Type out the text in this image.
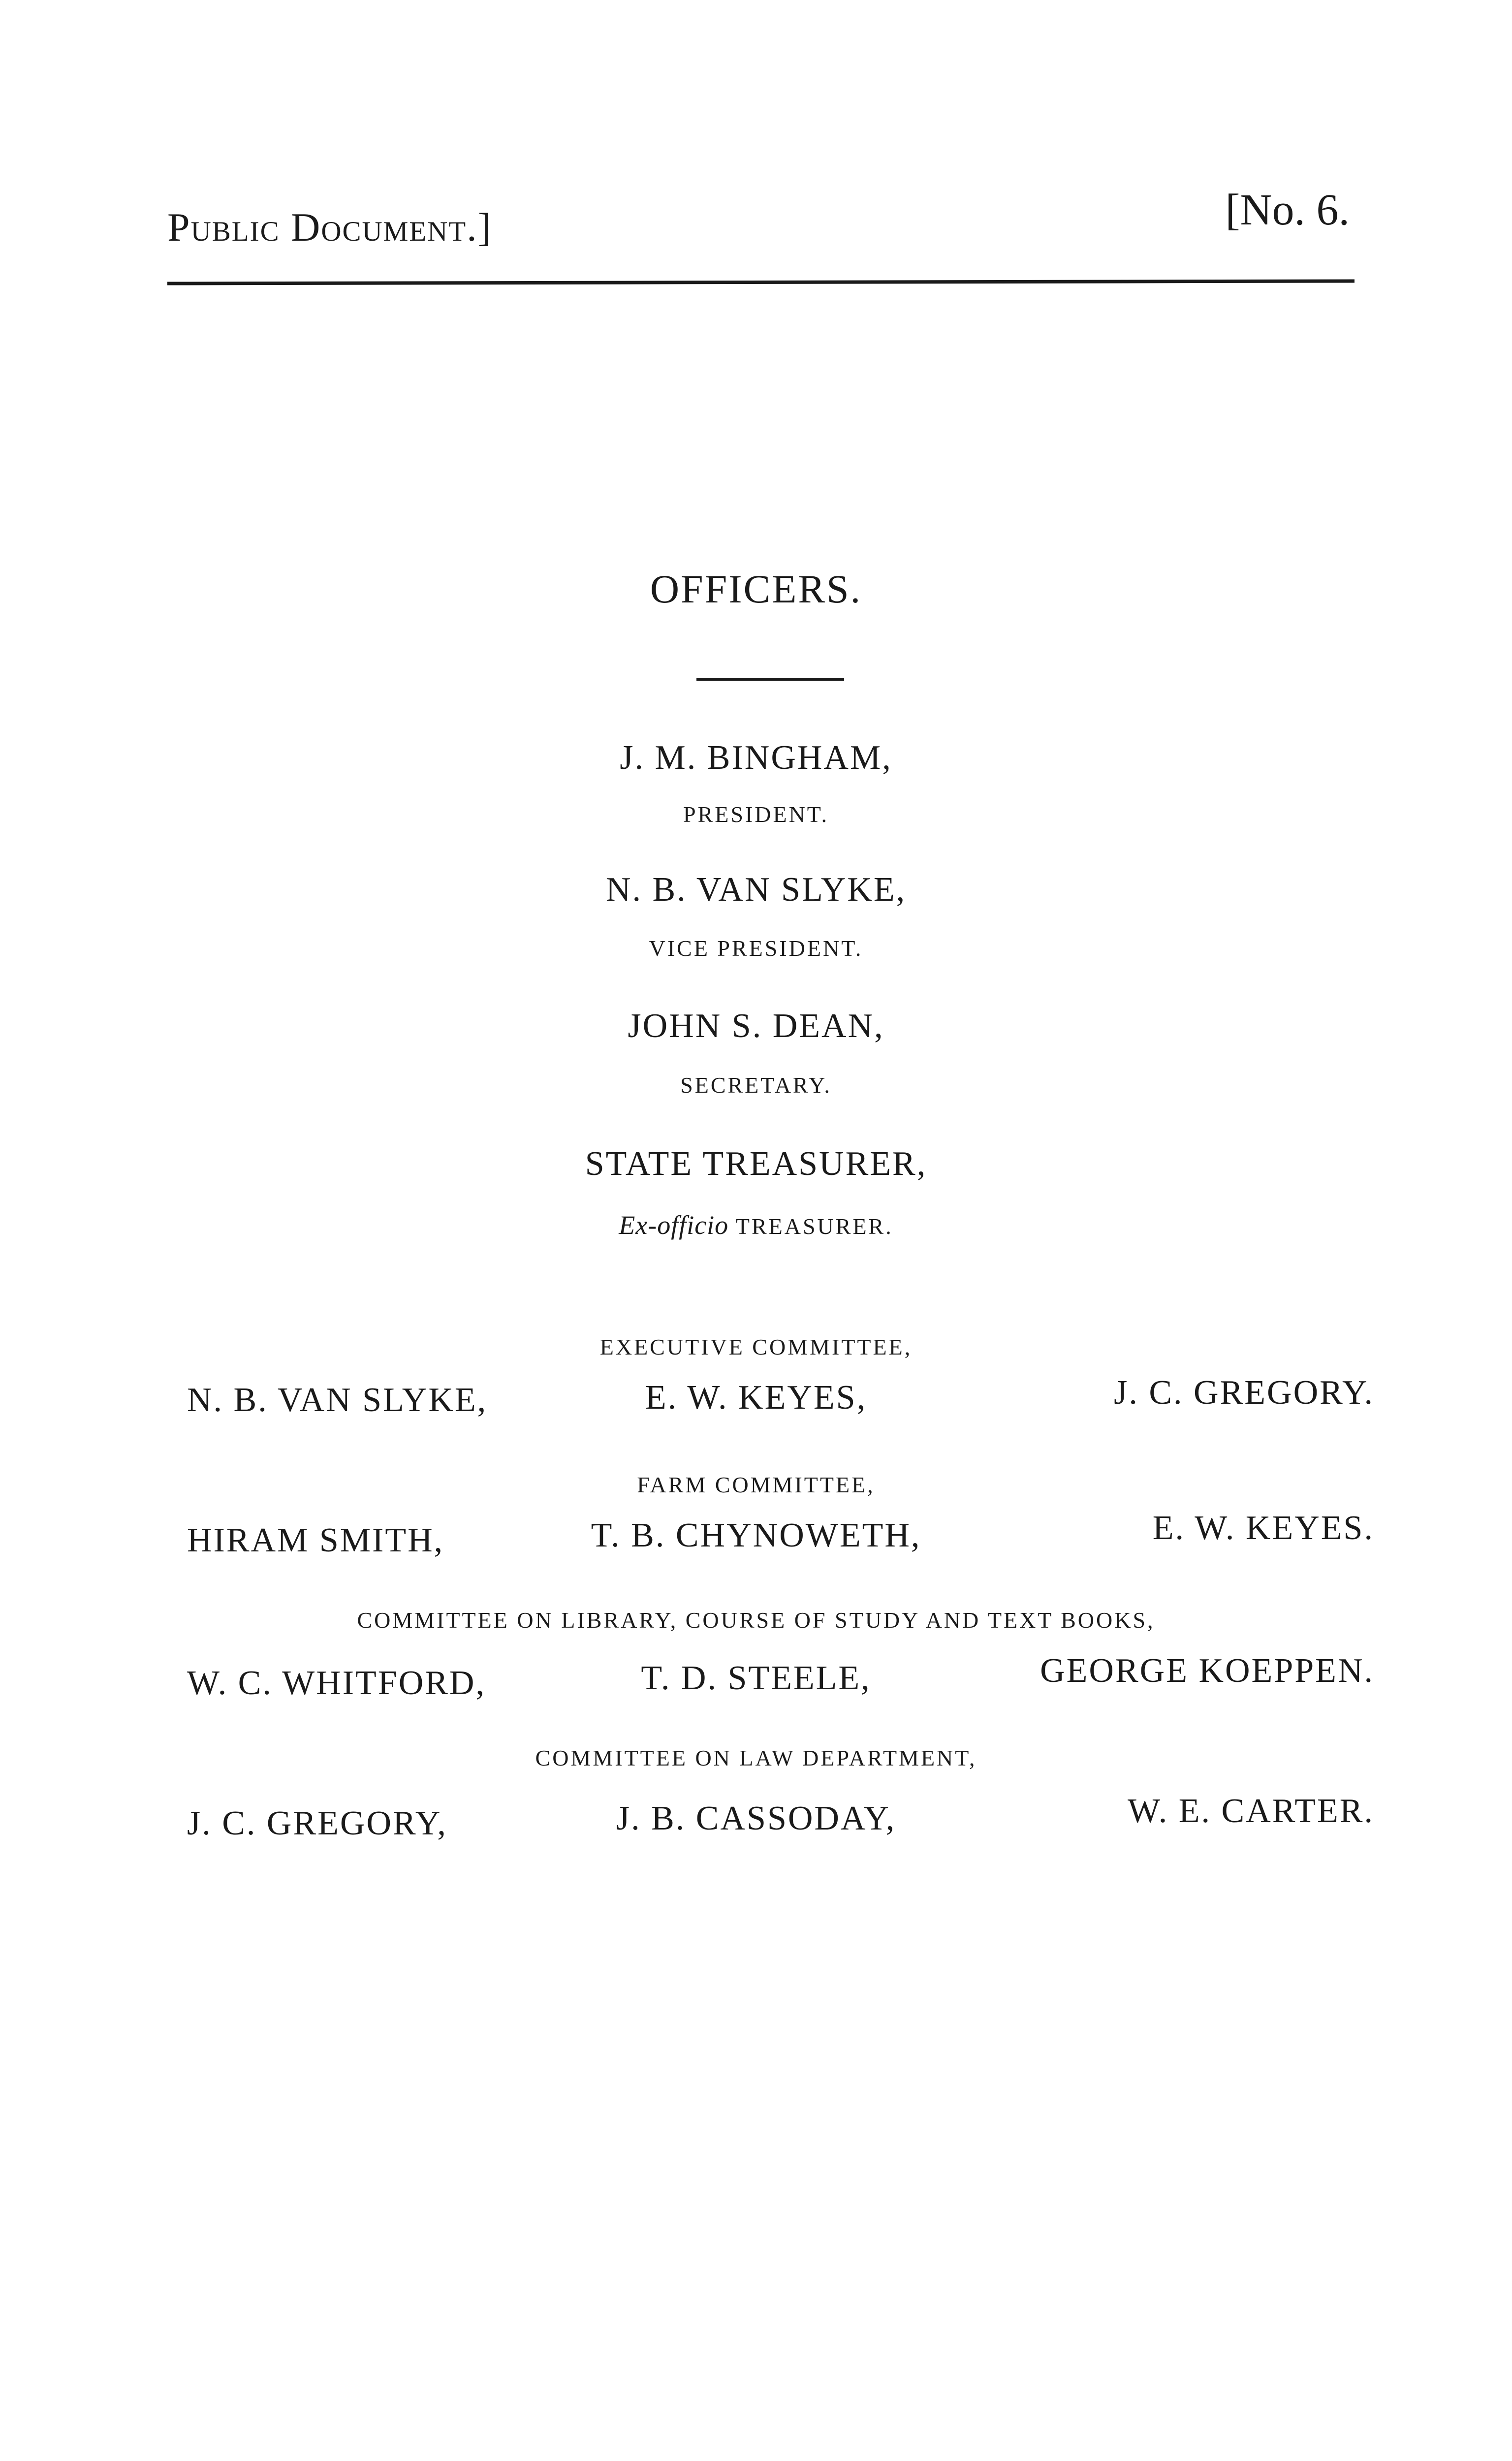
Public Document.]	[No. 6.
OFFICERS.
J. M. BINGHAM,
PRESIDENT.
N. B. VAN SLYKE,
VICE PRESIDENT.
JOHN S. DEAN,
SECRETARY.
STATE TREASURER,
Ex-officio TREASURER.
EXECUTIVE COMMITTEE,
N. B. VAN SLYKE,	E. W. KEYES,	J. C. GREGORY.
FARM COMMITTEE,
HIRAM SMITH,	T. B. CHYNOWETH,	E. W. KEYES.
COMMITTEE ON LIBRARY, COURSE OF STUDY AND TEXT BOOKS,
W. C. WHITFORD,	T. D. STEELE,	GEORGE KOEPPEN.
COMMITTEE ON LAW DEPARTMENT,
J. C. GREGORY,	J. B. CASSODAY,	W. E. CARTER.
